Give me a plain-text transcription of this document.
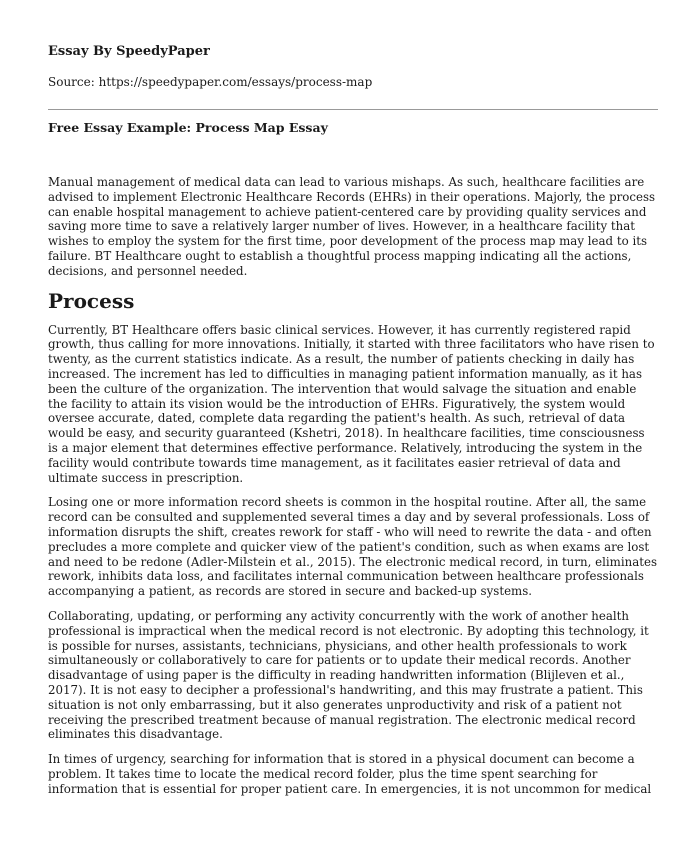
Essay By SpeedyPaper
Source: https://speedypaper.com/essays/process-map
Free Essay Example: Process Map Essay

Manual management of medical data can lead to various mishaps. As such, healthcare facilities are advised to implement Electronic Healthcare Records (EHRs) in their operations. Majorly, the process can enable hospital management to achieve patient-centered care by providing quality services and saving more time to save a relatively larger number of lives. However, in a healthcare facility that wishes to employ the system for the first time, poor development of the process map may lead to its failure. BT Healthcare ought to establish a thoughtful process mapping indicating all the actions, decisions, and personnel needed.

Process

Currently, BT Healthcare offers basic clinical services. However, it has currently registered rapid growth, thus calling for more innovations. Initially, it started with three facilitators who have risen to twenty, as the current statistics indicate. As a result, the number of patients checking in daily has increased. The increment has led to difficulties in managing patient information manually, as it has been the culture of the organization. The intervention that would salvage the situation and enable the facility to attain its vision would be the introduction of EHRs. Figuratively, the system would oversee accurate, dated, complete data regarding the patient's health. As such, retrieval of data would be easy, and security guaranteed (Kshetri, 2018). In healthcare facilities, time consciousness is a major element that determines effective performance. Relatively, introducing the system in the facility would contribute towards time management, as it facilitates easier retrieval of data and ultimate success in prescription.

Losing one or more information record sheets is common in the hospital routine. After all, the same record can be consulted and supplemented several times a day and by several professionals. Loss of information disrupts the shift, creates rework for staff - who will need to rewrite the data - and often precludes a more complete and quicker view of the patient's condition, such as when exams are lost and need to be redone (Adler-Milstein et al., 2015). The electronic medical record, in turn, eliminates rework, inhibits data loss, and facilitates internal communication between healthcare professionals accompanying a patient, as records are stored in secure and backed-up systems.

Collaborating, updating, or performing any activity concurrently with the work of another health professional is impractical when the medical record is not electronic. By adopting this technology, it is possible for nurses, assistants, technicians, physicians, and other health professionals to work simultaneously or collaboratively to care for patients or to update their medical records. Another disadvantage of using paper is the difficulty in reading handwritten information (Blijleven et al., 2017). It is not easy to decipher a professional's handwriting, and this may frustrate a patient. This situation is not only embarrassing, but it also generates unproductivity and risk of a patient not receiving the prescribed treatment because of manual registration. The electronic medical record eliminates this disadvantage.

In times of urgency, searching for information that is stored in a physical document can become a problem. It takes time to locate the medical record folder, plus the time spent searching for information that is essential for proper patient care. In emergencies, it is not uncommon for medical
